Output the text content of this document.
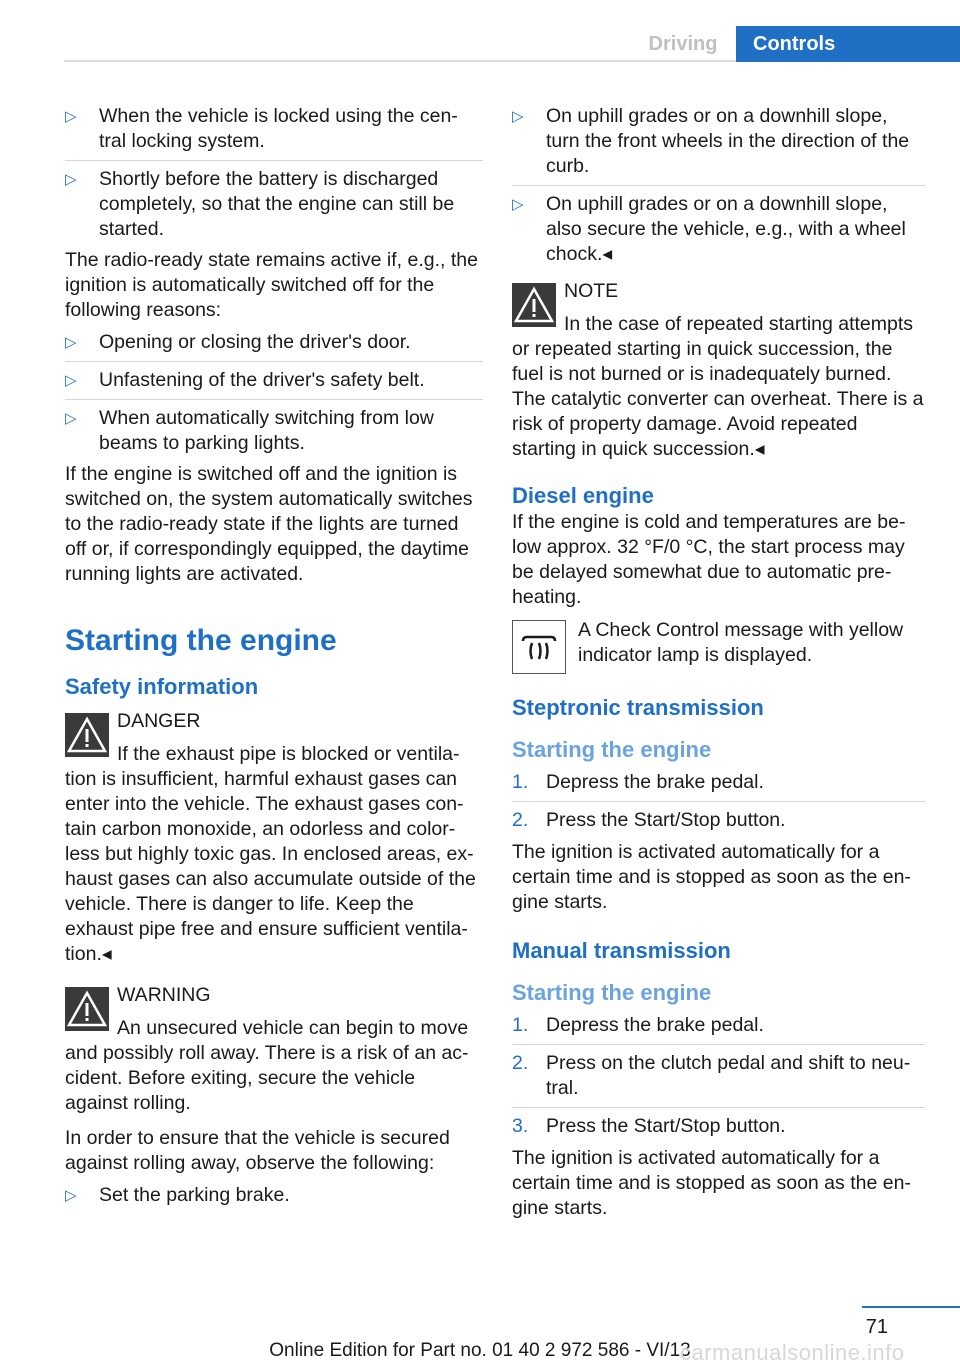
Driving	Controls
▷ When the vehicle is locked using the cen-tral locking system.
▷ Shortly before the battery is discharged completely, so that the engine can still be started.

The radio-ready state remains active if, e.g., the ignition is automatically switched off for the following reasons:

▷ Opening or closing the driver's door.
▷ Unfastening of the driver's safety belt.
▷ When automatically switching from low beams to parking lights.

If the engine is switched off and the ignition is switched on, the system automatically switches to the radio-ready state if the lights are turned off or, if correspondingly equipped, the daytime running lights are activated.

Starting the engine
Safety information
DANGER
If the exhaust pipe is blocked or ventila-tion is insufficient, harmful exhaust gases can enter into the vehicle. The exhaust gases con-tain carbon monoxide, an odorless and color-less but highly toxic gas. In enclosed areas, ex-haust gases can also accumulate outside of the vehicle. There is danger to life. Keep the exhaust pipe free and ensure sufficient ventila-tion.◂
WARNING
An unsecured vehicle can begin to move and possibly roll away. There is a risk of an ac-cident. Before exiting, secure the vehicle against rolling.

In order to ensure that the vehicle is secured against rolling away, observe the following:

▷ Set the parking brake.
▷ On uphill grades or on a downhill slope, turn the front wheels in the direction of the curb.
▷ On uphill grades or on a downhill slope, also secure the vehicle, e.g., with a wheel chock.◂
NOTE
In the case of repeated starting attempts or repeated starting in quick succession, the fuel is not burned or is inadequately burned. The catalytic converter can overheat. There is a risk of property damage. Avoid repeated starting in quick succession.◂
Diesel engine

If the engine is cold and temperatures are be-low approx. 32 °F/0 °C, the start process may be delayed somewhat due to automatic pre-heating.

A Check Control message with yellow indicator lamp is displayed.
Steptronic transmission
Starting the engine
1. Depress the brake pedal.
2. Press the Start/Stop button.

The ignition is activated automatically for a certain time and is stopped as soon as the en-gine starts.

Manual transmission
Starting the engine
1. Depress the brake pedal.
2. Press on the clutch pedal and shift to neu-tral.
3. Press the Start/Stop button.

The ignition is activated automatically for a certain time and is stopped as soon as the en-gine starts.

71
Online Edition for Part no. 01 40 2 972 586 - VI/13
carmanualsonline.info
